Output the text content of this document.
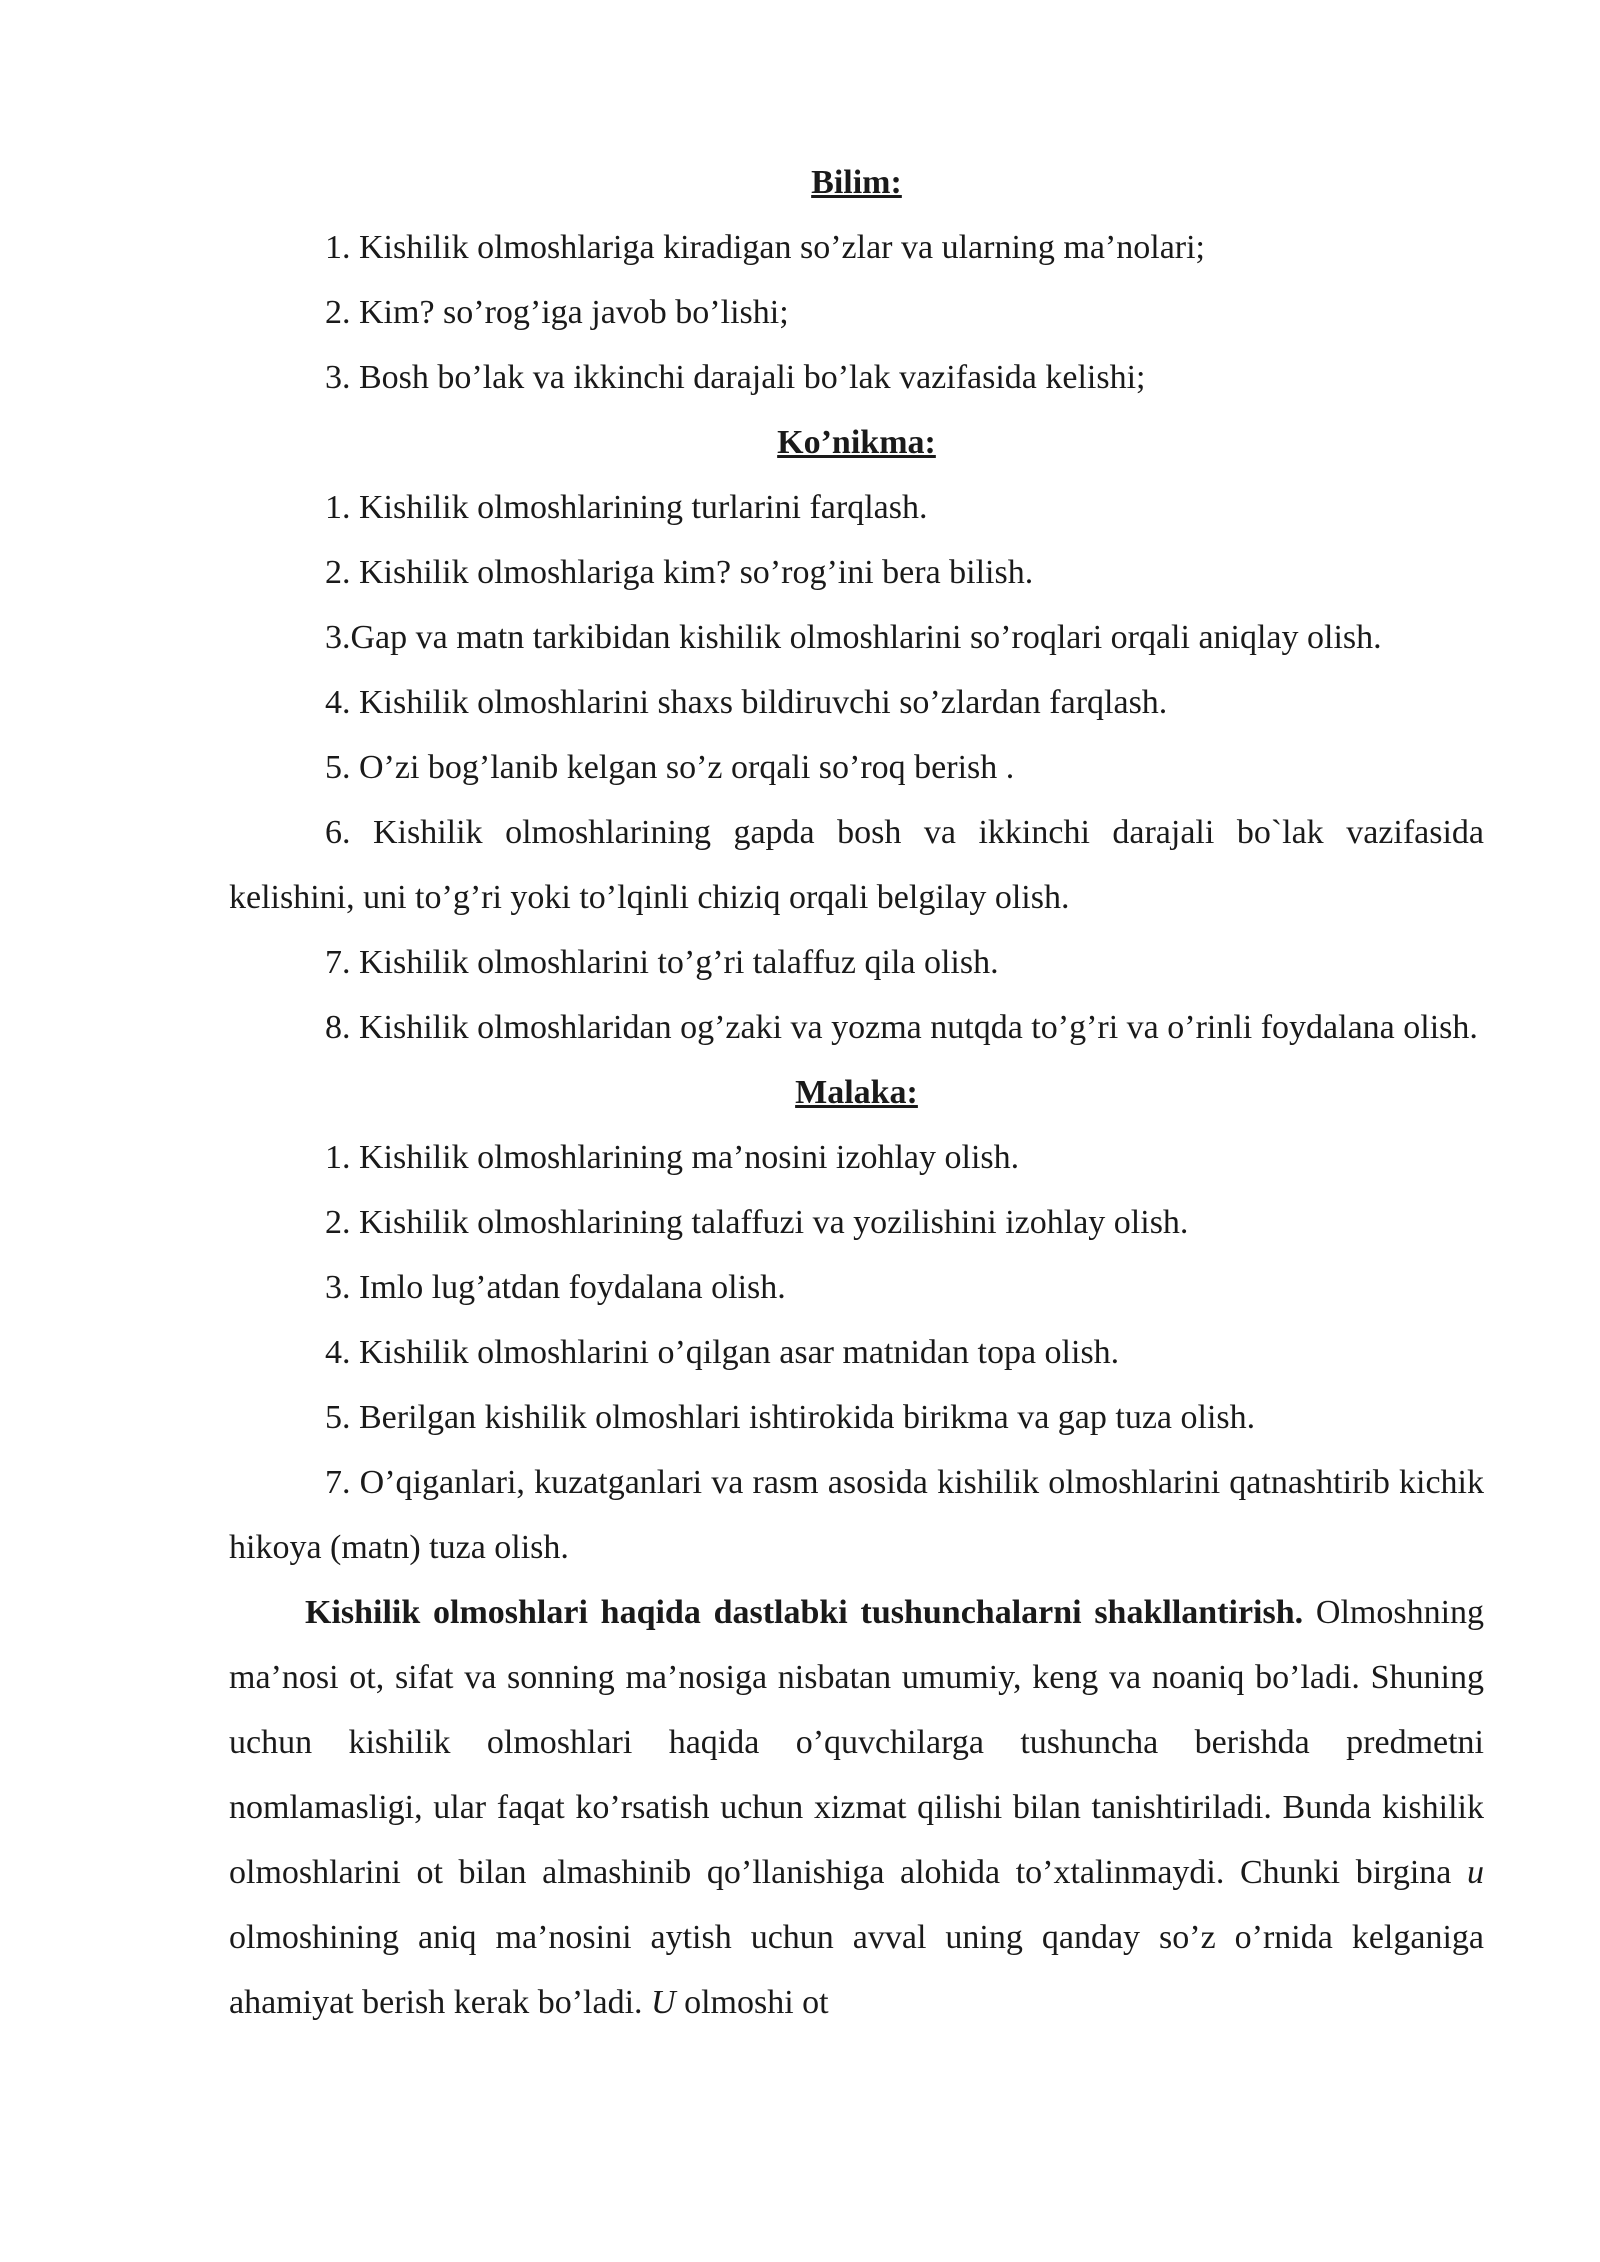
Bilim:

1. Kishilik olmoshlariga kiradigan so’zlar va ularning ma’nolari;

2. Kim? so’rog’iga javob bo’lishi;

3. Bosh bo’lak va ikkinchi darajali bo’lak vazifasida kelishi;

Ko’nikma:

1. Kishilik olmoshlarining turlarini farqlash.

2. Kishilik olmoshlariga kim? so’rog’ini bera bilish.

3.Gap va matn tarkibidan kishilik olmoshlarini so’roqlari orqali aniqlay olish.

4. Kishilik olmoshlarini shaxs bildiruvchi so’zlardan farqlash.

5. O’zi bog’lanib kelgan so’z orqali so’roq berish .

6. Kishilik olmoshlarining gapda bosh va ikkinchi darajali bo`lak vazifasida kelishini, uni to’g’ri yoki to’lqinli chiziq orqali belgilay olish.

7. Kishilik olmoshlarini to’g’ri talaffuz qila olish.

8. Kishilik olmoshlaridan og’zaki va yozma nutqda to’g’ri va o’rinli foydalana olish.

Malaka:

1. Kishilik olmoshlarining ma’nosini izohlay olish.

2. Kishilik olmoshlarining talaffuzi va yozilishini izohlay olish.

3. Imlo lug’atdan foydalana olish.

4. Kishilik olmoshlarini o’qilgan asar matnidan topa olish.

5. Berilgan kishilik olmoshlari ishtirokida birikma va gap tuza olish.

7. O’qiganlari, kuzatganlari va rasm asosida kishilik olmoshlarini qatnashtirib kichik hikoya (matn) tuza olish.

Kishilik olmoshlari haqida dastlabki tushunchalarni shakllantirish. Olmoshning ma’nosi ot, sifat va sonning ma’nosiga nisbatan umumiy, keng va noaniq bo’ladi. Shuning uchun kishilik olmoshlari haqida o’quvchilarga tushuncha berishda predmetni nomlamasligi, ular faqat ko’rsatish uchun xizmat qilishi bilan tanishtiriladi. Bunda kishilik olmoshlarini ot bilan almashinib qo’llanishiga alohida to’xtalinmaydi. Chunki birgina u olmoshining aniq ma’nosini aytish uchun avval uning qanday so’z o’rnida kelganiga ahamiyat berish kerak bo’ladi. U olmoshi ot
